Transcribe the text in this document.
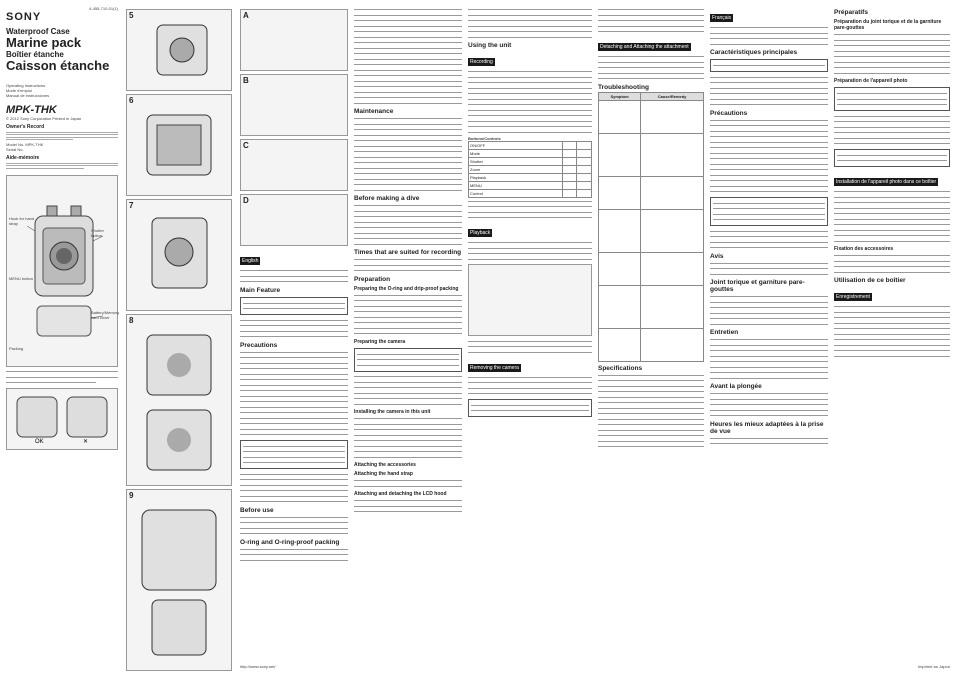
4-455-710-01(1)
SONY
Waterproof Case
Marine pack
Boîtier étanche
Caisson étanche
Operating Instructions
Mode d'emploi
Manual de instrucciones
MPK-THK
© 2012 Sony Corporation Printed in Japan
Owner's Record
Model No. MPK-THK
Serial No.
Aide-mémoire
Hook for hand strap
Shutter button
MENU button
Battery/Memory card cover
Packing
OK	✕
5
6
7
8
9
A
B
C
D
English
Main Feature
Precautions
Before use
O-ring and O-ring-proof packing
http://www.sony.net/
Maintenance
Before making a dive
Times that are suited for recording
Preparation
Preparing the O-ring and drip-proof packing
Preparing the camera
Installing the camera in this unit
Attaching the accessories
Attaching the hand strap
Attaching and detaching the LCD hood
Using the unit
Recording
Buttons/Controls
ON/OFF		
Mode		
Shutter		
Zoom		
Playback		
MENU		
Control		
Playback
Removing the camera
Detaching and Attaching the attachment
Troubleshooting
Symptom	Cause/Remedy

Specifications
Français
Caractéristiques principales
Précautions
Avis
Joint torique et garniture pare-gouttes
Entretien
Avant la plongée
Heures les mieux adaptées à la prise de vue
Préparatifs
Préparation du joint torique et de la garniture pare-gouttes
Préparation de l'appareil photo
Installation de l'appareil photo dans ce boîtier
Fixation des accessoires
Utilisation de ce boîtier
Enregistrement
Imprimé au Japon
